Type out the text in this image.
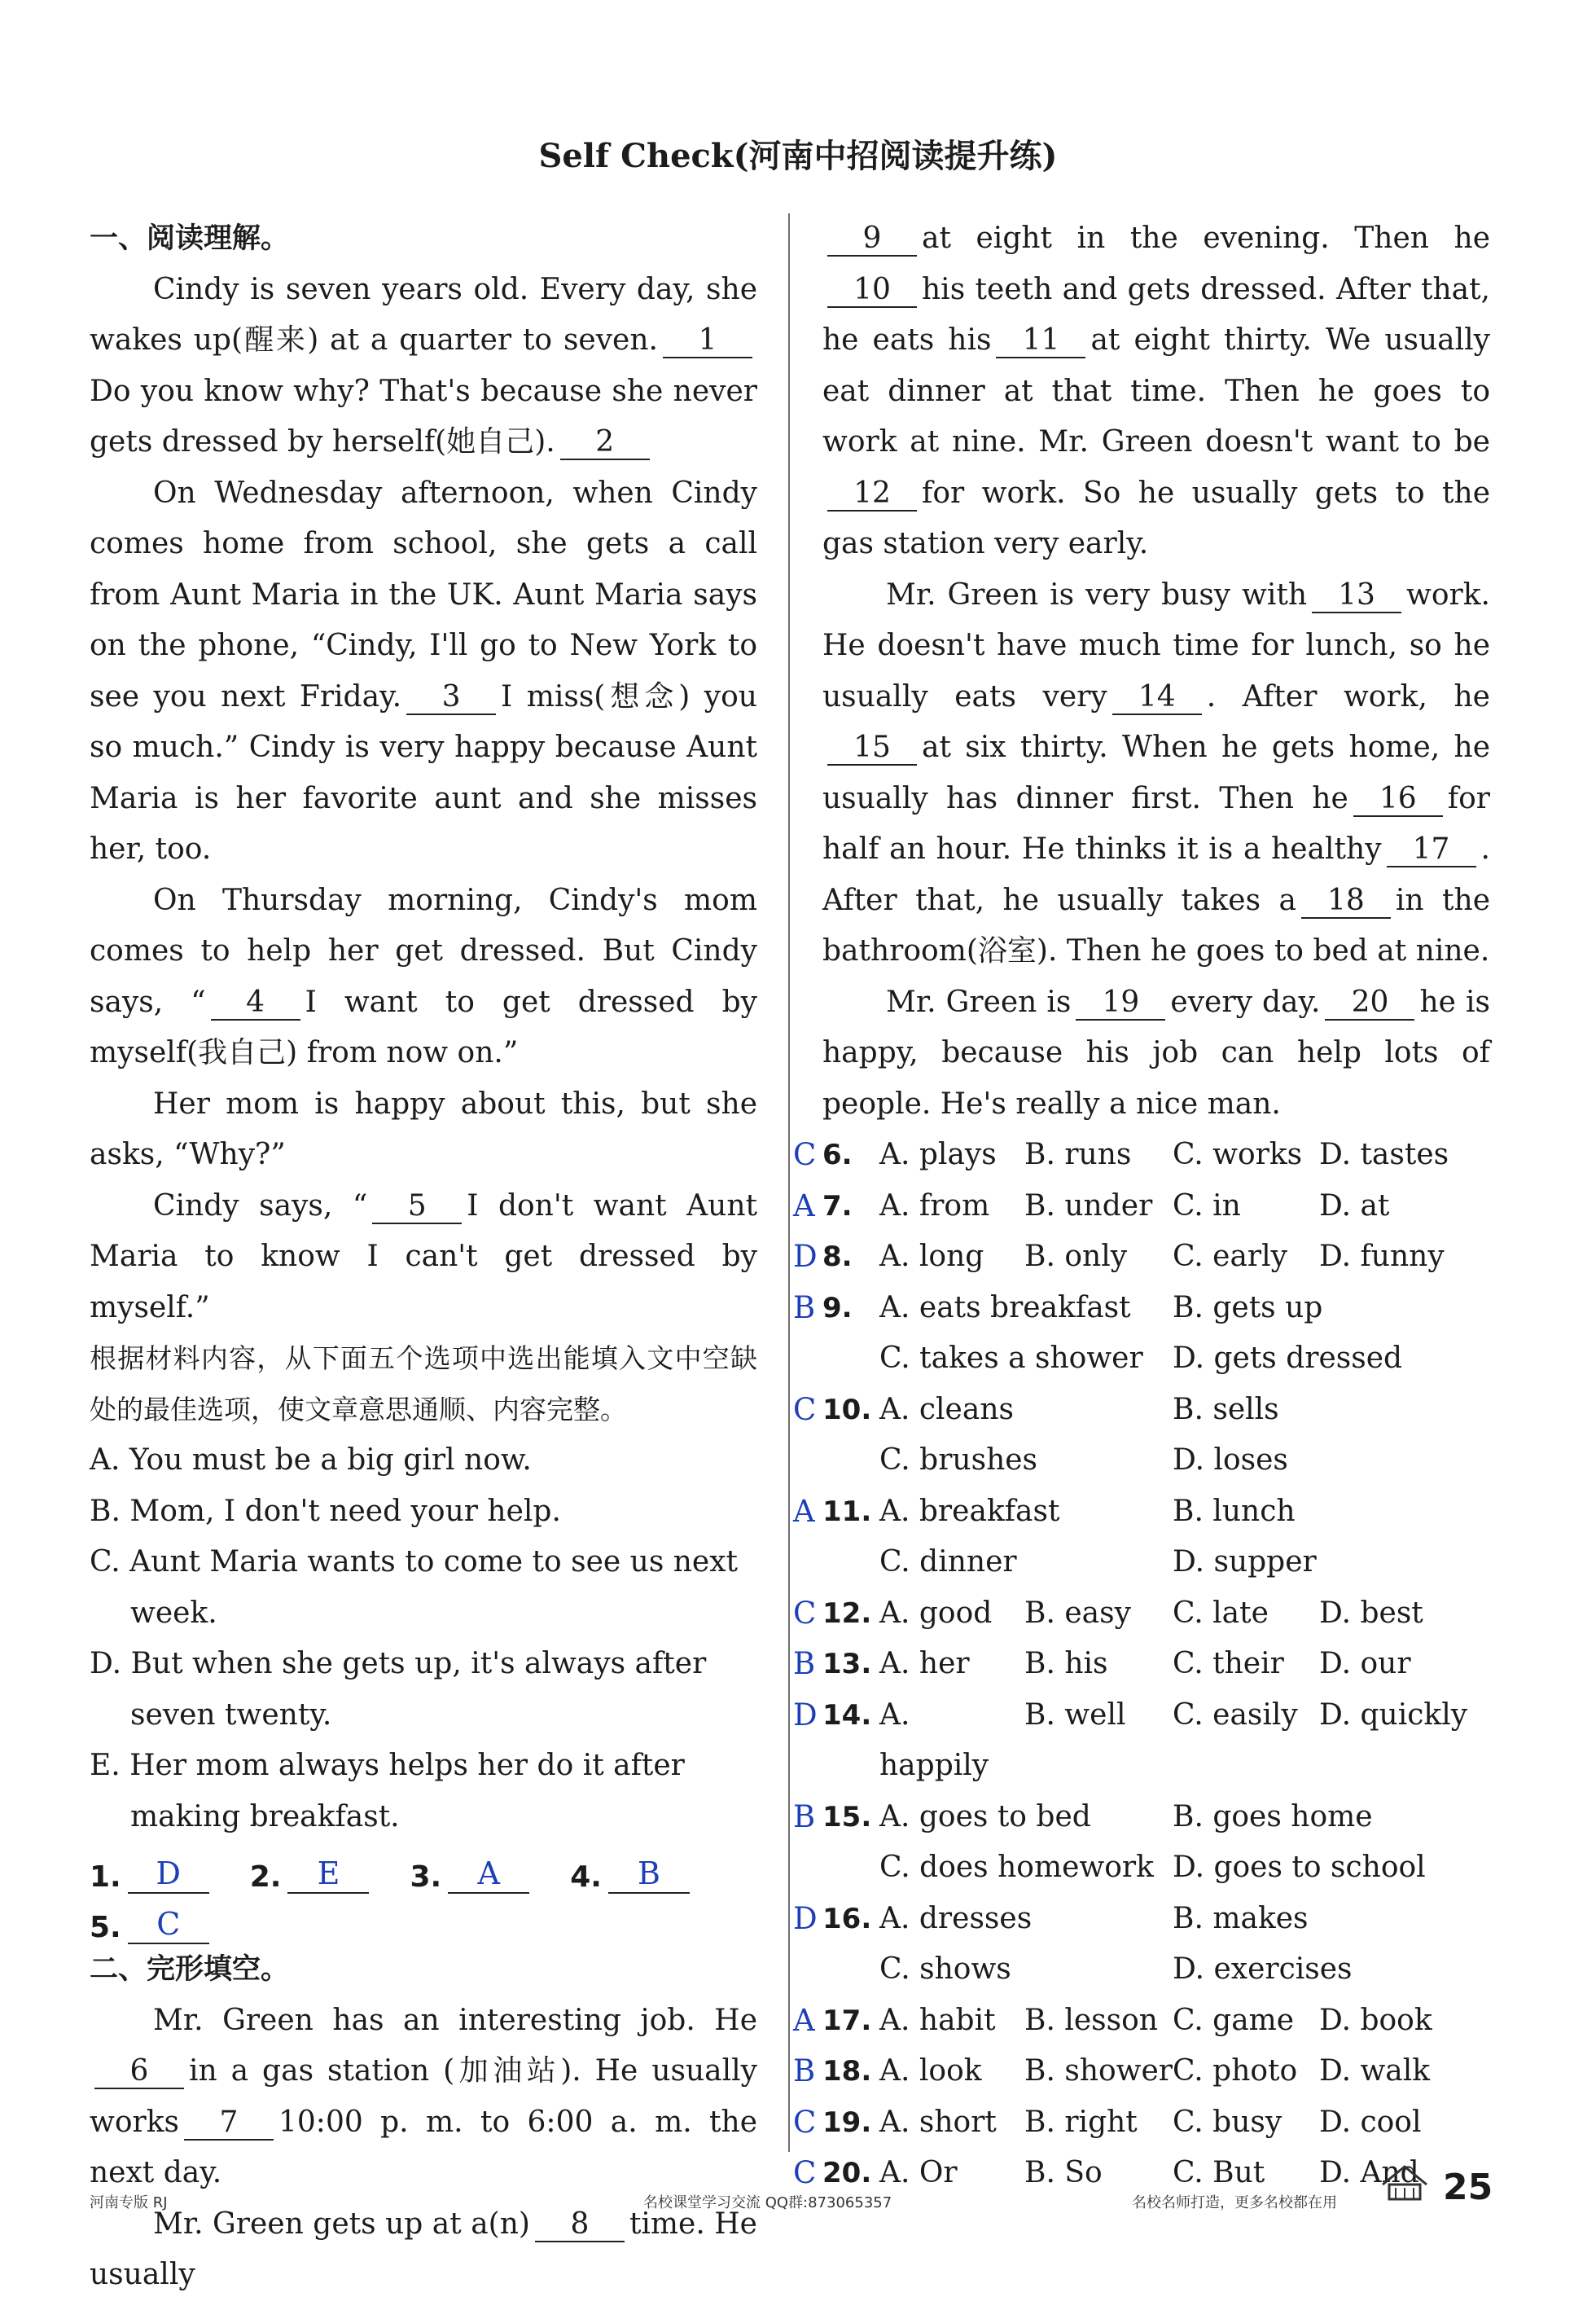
Self Check(河南中招阅读提升练)
一、阅读理解。

Cindy is seven years old. Every day, she wakes up(醒来) at a quarter to seven. 1Do you know why? That's because she never gets dressed by herself(她自己). 2

On Wednesday afternoon, when Cindy comes home from school, she gets a call from Aunt Maria in the UK. Aunt Maria says on the phone, “Cindy, I'll go to New York to see you next Friday. 3 I miss(想念) you so much.” Cindy is very happy because Aunt Maria is her favorite aunt and she misses her, too.

On Thursday morning, Cindy's mom comes to help her get dressed. But Cindy says, “ 4 I want to get dressed by myself(我自己) from now on.”

Her mom is happy about this, but she asks, “Why?”

Cindy says, “ 5 I don't want Aunt Maria to know I can't get dressed by myself.”

根据材料内容，从下面五个选项中选出能填入文中空缺处的最佳选项，使文章意思通顺、内容完整。

A. You must be a big girl now.
B. Mom, I don't need your help.
C. Aunt Maria wants to come to see us next week.
D. But when she gets up, it's always after seven twenty.
E. Her mom always helps her do it after making breakfast.
1.	D	2.	E	3.	A	4.	B
5.	C
二、完形填空。

Mr. Green has an interesting job. He6 in a gas station (加油站). He usually works 7 10:00 p. m. to 6:00 a. m. the next day.

Mr. Green gets up at a(n) 8 time. He usually

9 at eight in the evening. Then he10 his teeth and gets dressed. After that, he eats his 11 at eight thirty. We usually eat dinner at that time. Then he goes to work at nine. Mr. Green doesn't want to be12 for work. So he usually gets to the gas station very early.

Mr. Green is very busy with 13 work. He doesn't have much time for lunch, so he usually eats very 14 . After work, he15 at six thirty. When he gets home, he usually has dinner first. Then he 16 for half an hour. He thinks it is a healthy 17 . After that, he usually takes a 18 in the bathroom(浴室). Then he goes to bed at nine.

Mr. Green is 19 every day. 20 he is happy, because his job can help lots of people. He's really a nice man.

C 6. A. plays B. runs	C. works D. tastes
A 7. A. from	B. under C. in	D. at
D 8. A. long	B. only	C. early	D. funny
B 9. A. eats breakfast	B. gets up
C. takes a shower	D. gets dressed
C 10. A. cleans	B. sells
C. brushes	D. loses
A 11. A. breakfast	B. lunch
C. dinner	D. supper
C 12. A. good	B. easy	C. late	D. best
B 13. A. her	B. his	C. their	D. our
D 14. A. happily
B. well	C. easily D. quickly
B 15. A. goes to bed	B. goes home
C. does homework D. goes to school
D 16. A. dresses	B. makes
C. shows	D. exercises
A 17. A. habit B. lesson C. game D. book
B 18. A. look	B. shower C. photo D. walk
C 19. A. short B. right	C. busy	D. cool
C 20. A. Or	B. So	C. But	D. And
河南专版 RJ	名校课堂学习交流 QQ群:873065357	名校名师打造，更多名校都在用	25
